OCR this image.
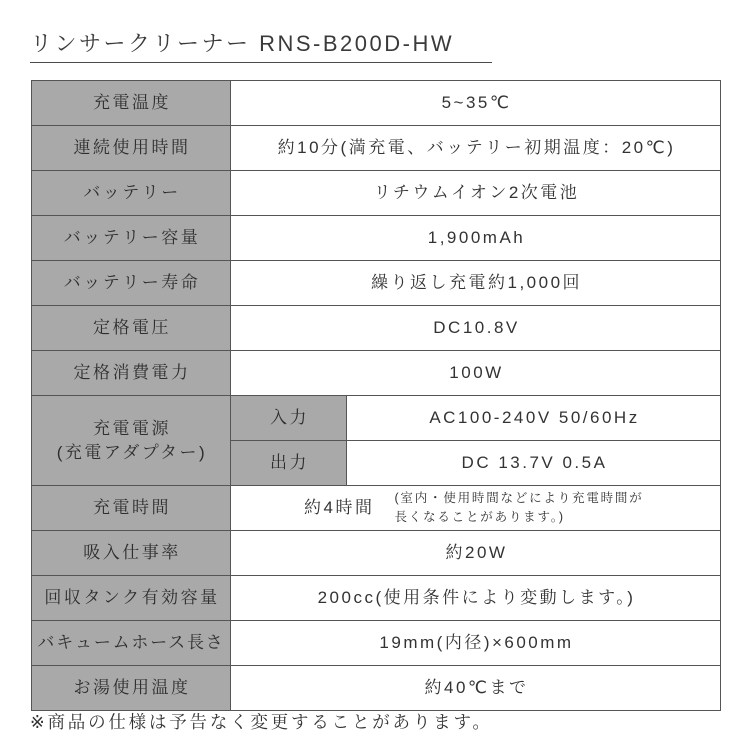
リンサークリーナー RNS-B200D-HW
充電温度	5~35℃	
連続使用時間	約10分(満充電、バッテリー初期温度：20℃)	
バッテリー	リチウムイオン2次電池	
バッテリー容量	1,900mAh	
バッテリー寿命	繰り返し充電約1,000回	
定格電圧	DC10.8V	
定格消費電力	100W	

充電電源
(充電アダプター)	入力	AC100-240V 50/60Hz
	出力	DC 13.7V 0.5A
充電時間	約4時間 (室内・使用時間などにより充電時間が
長くなることがあります。)	

吸入仕事率	約20W	
回収タンク有効容量	200cc(使用条件により変動します。)	
バキュームホース長さ	19mm(内径)×600mm	
お湯使用温度	約40℃まで	
※商品の仕様は予告なく変更することがあります。
